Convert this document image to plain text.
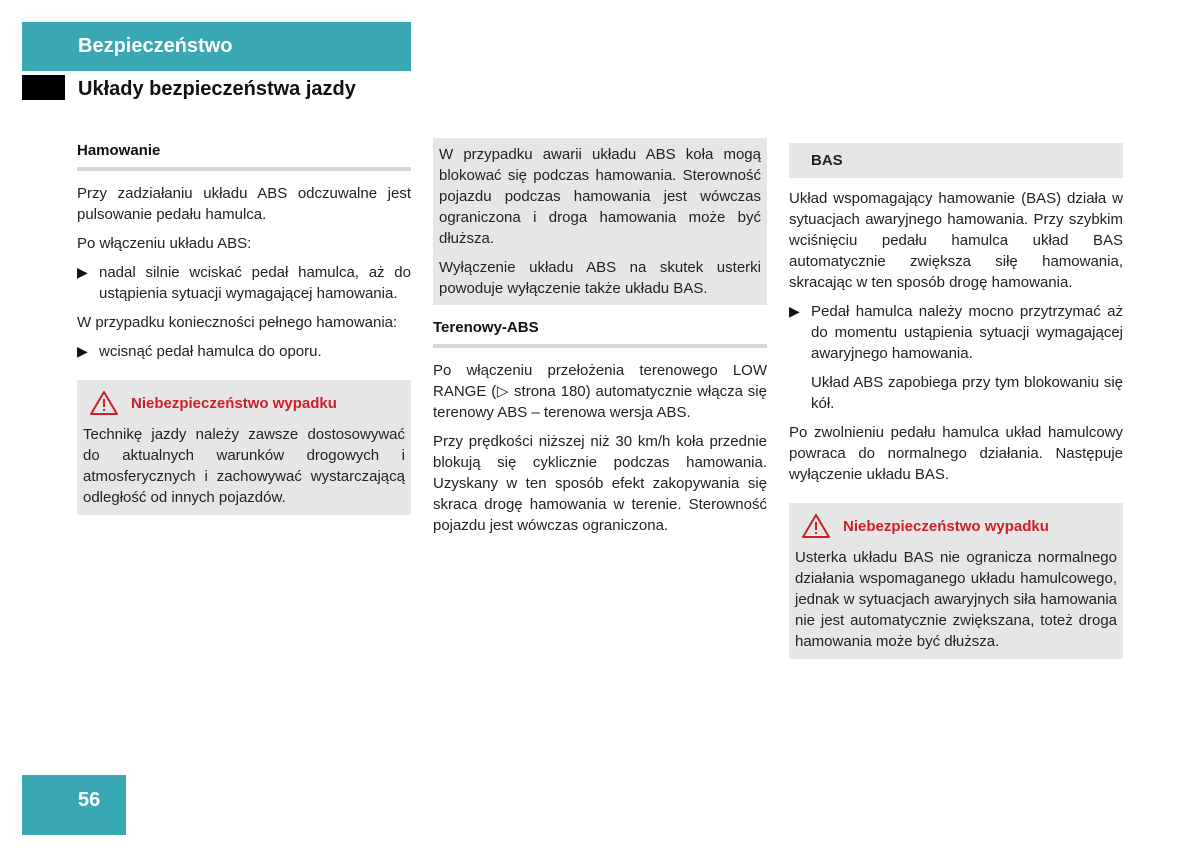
Bezpieczeństwo
Układy bezpieczeństwa jazdy
Hamowanie

Przy zadziałaniu układu ABS odczuwalne jest pulsowanie pedału hamulca.

Po włączeniu układu ABS:

▶ nadal silnie wciskać pedał hamulca, aż do ustąpienia sytuacji wymagającej hamowania.

W przypadku konieczności pełnego hamowania:

▶ wcisnąć pedał hamulca do oporu.
Niebezpieczeństwo wypadku

Technikę jazdy należy zawsze dostosowywać do aktualnych warunków drogowych i atmosferycznych i zachowywać wystarczającą odległość od innych pojazdów.

W przypadku awarii układu ABS koła mogą blokować się podczas hamowania. Sterowność pojazdu podczas hamowania jest wówczas ograniczona i droga hamowania może być dłuższa.

Wyłączenie układu ABS na skutek usterki powoduje wyłączenie także układu BAS.

Terenowy-ABS

Po włączeniu przełożenia terenowego LOW RANGE (▷ strona 180) automatycznie włącza się terenowy ABS – terenowa wersja ABS.

Przy prędkości niższej niż 30 km/h koła przednie blokują się cyklicznie podczas hamowania. Uzyskany w ten sposób efekt zakopywania się skraca drogę hamowania w terenie. Sterowność pojazdu jest wówczas ograniczona.

BAS

Układ wspomagający hamowanie (BAS) działa w sytuacjach awaryjnego hamowania. Przy szybkim wciśnięciu pedału hamulca układ BAS automatycznie zwiększa siłę hamowania, skracając w ten sposób drogę hamowania.

▶ Pedał hamulca należy mocno przytrzymać aż do momentu ustąpienia sytuacji wymagającej awaryjnego hamowania.

Układ ABS zapobiega przy tym blokowaniu się kół.

Po zwolnieniu pedału hamulca układ hamulcowy powraca do normalnego działania. Następuje wyłączenie układu BAS.

Niebezpieczeństwo wypadku

Usterka układu BAS nie ogranicza normalnego działania wspomaganego układu hamulcowego, jednak w sytuacjach awaryjnych siła hamowania nie jest automatycznie zwiększana, toteż droga hamowania może być dłuższa.

56
